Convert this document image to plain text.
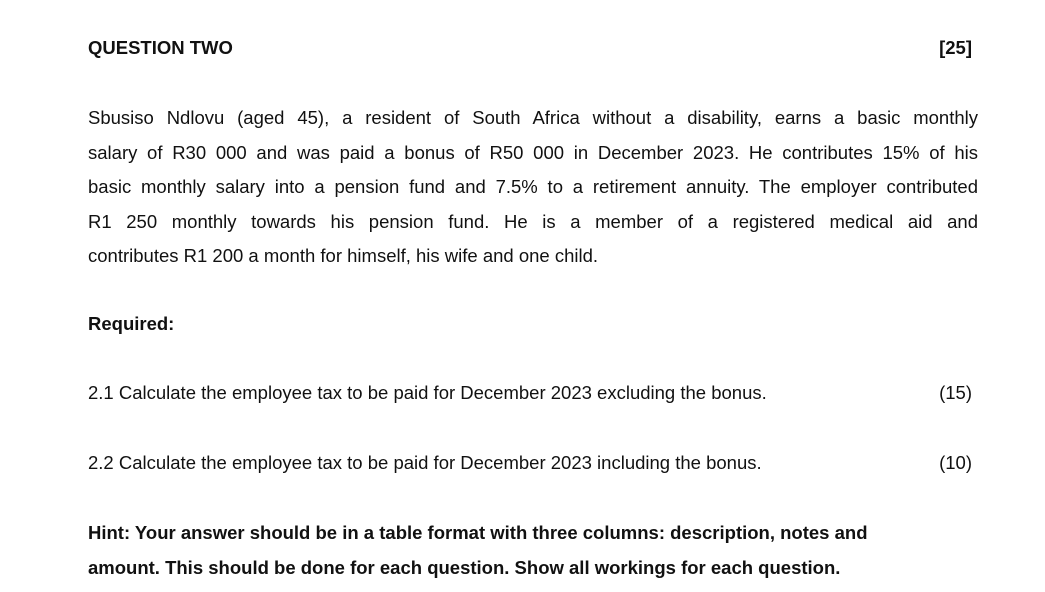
QUESTION TWO	[25]
Sbusiso Ndlovu (aged 45), a resident of South Africa without a disability, earns a basic monthly
salary of R30 000 and was paid a bonus of R50 000 in December 2023. He contributes 15% of his
basic monthly salary into a pension fund and 7.5% to a retirement annuity. The employer contributed
R1 250 monthly towards his pension fund. He is a member of a registered medical aid and
contributes R1 200 a month for himself, his wife and one child.
Required:
2.1 Calculate the employee tax to be paid for December 2023 excluding the bonus.	(15)
2.2 Calculate the employee tax to be paid for December 2023 including the bonus.	(10)
Hint: Your answer should be in a table format with three columns: description, notes and
amount. This should be done for each question. Show all workings for each question.
